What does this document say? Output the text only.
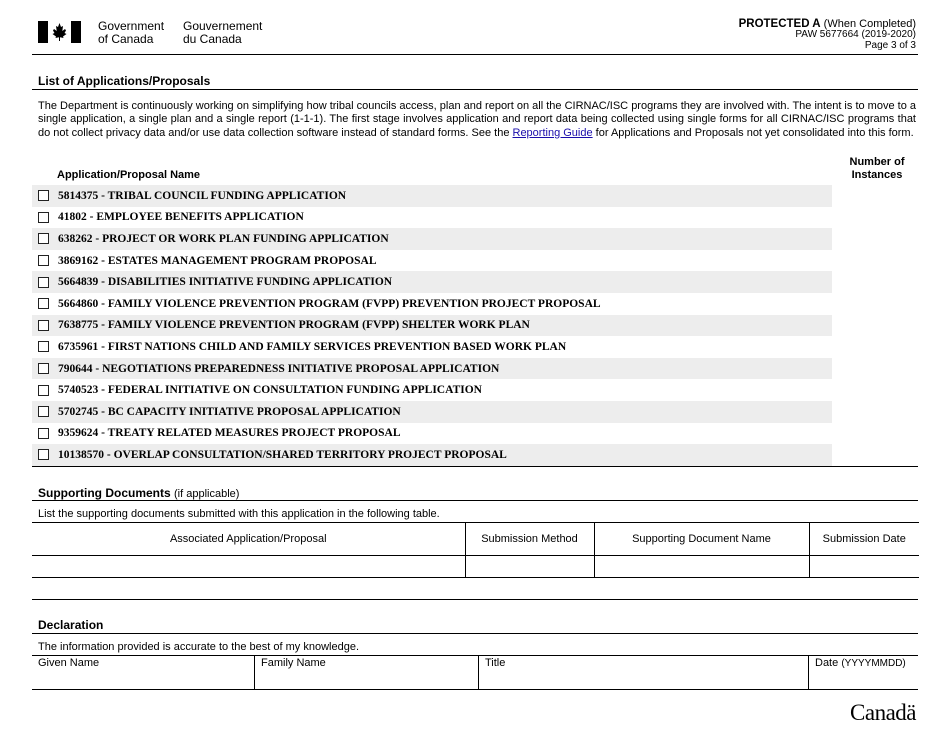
Government
of Canada
Gouvernement
du Canada
PROTECTED A (When Completed)
PAW 5677664 (2019-2020)
Page 3 of 3
List of Applications/Proposals
The Department is continuously working on simplifying how tribal councils access, plan and report on all the CIRNAC/ISC programs they are involved with. The intent is to move to a single application, a single plan and a single report (1-1-1). The first stage involves application and report data being collected using single forms for all CIRNAC/ISC programs that do not collect privacy data and/or use data collection software instead of standard forms. See the Reporting Guide for Applications and Proposals not yet consolidated into this form.
Application/Proposal Name
Number of
Instances
5814375 - TRIBAL COUNCIL FUNDING APPLICATION
41802 - EMPLOYEE BENEFITS APPLICATION
638262 - PROJECT OR WORK PLAN FUNDING APPLICATION
3869162 - ESTATES MANAGEMENT PROGRAM PROPOSAL
5664839 - DISABILITIES INITIATIVE FUNDING APPLICATION
5664860 - FAMILY VIOLENCE PREVENTION PROGRAM (FVPP) PREVENTION PROJECT PROPOSAL
7638775 - FAMILY VIOLENCE PREVENTION PROGRAM (FVPP) SHELTER WORK PLAN
6735961 - FIRST NATIONS CHILD AND FAMILY SERVICES PREVENTION BASED WORK PLAN
790644 - NEGOTIATIONS PREPAREDNESS INITIATIVE PROPOSAL APPLICATION
5740523 - FEDERAL INITIATIVE ON CONSULTATION FUNDING APPLICATION
5702745 - BC CAPACITY INITIATIVE PROPOSAL APPLICATION
9359624 - TREATY RELATED MEASURES PROJECT PROPOSAL
10138570 - OVERLAP CONSULTATION/SHARED TERRITORY PROJECT PROPOSAL
Supporting Documents (if applicable)
List the supporting documents submitted with this application in the following table.
Associated Application/Proposal	Submission Method	Supporting Document Name	Submission Date

Declaration
The information provided is accurate to the best of my knowledge.
Given Name	Family Name	Title	Date (YYYYMMDD)
Canadä
